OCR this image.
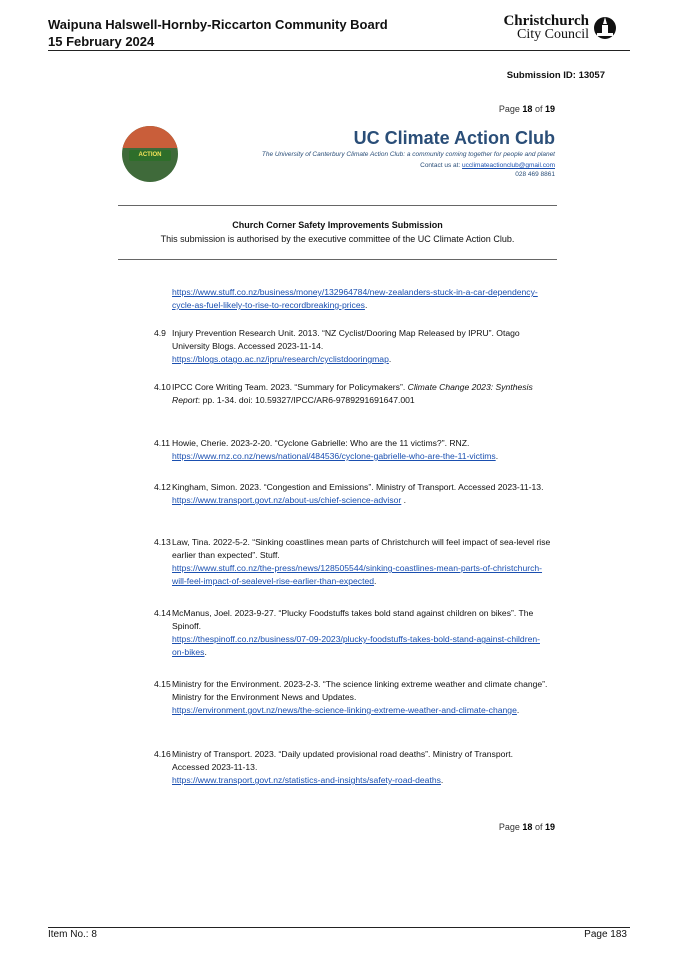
Waipuna Halswell-Hornby-Riccarton Community Board
15 February 2024
Christchurch
City Council
Submission ID: 13057
Page 18 of 19
ACTION
UC Climate Action Club
The University of Canterbury Climate Action Club: a community coming together for people and planet
Contact us at: ucclimateactionclub@gmail.com
028 469 8861
Church Corner Safety Improvements Submission
This submission is authorised by the executive committee of the UC Climate Action Club.
https://www.stuff.co.nz/business/money/132964784/new-zealanders-stuck-in-a-car-dependency-cycle-as-fuel-likely-to-rise-to-recordbreaking-prices.
4.9 Injury Prevention Research Unit. 2013. “NZ Cyclist/Dooring Map Released by IPRU”. Otago University Blogs. Accessed 2023-11-14.
https://blogs.otago.ac.nz/ipru/research/cyclistdooringmap.
4.10 IPCC Core Writing Team. 2023. “Summary for Policymakers”. Climate Change 2023: Synthesis Report: pp. 1-34. doi: 10.59327/IPCC/AR6-9789291691647.001
4.11 Howie, Cherie. 2023-2-20. “Cyclone Gabrielle: Who are the 11 victims?”. RNZ.
https://www.rnz.co.nz/news/national/484536/cyclone-gabrielle-who-are-the-11-victims.
4.12 Kingham, Simon. 2023. “Congestion and Emissions”. Ministry of Transport. Accessed 2023-11-13.
https://www.transport.govt.nz/about-us/chief-science-advisor .
4.13 Law, Tina. 2022-5-2. “Sinking coastlines mean parts of Christchurch will feel impact of sea-level rise earlier than expected”. Stuff.
https://www.stuff.co.nz/the-press/news/128505544/sinking-coastlines-mean-parts-of-christchurch-will-feel-impact-of-sealevel-rise-earlier-than-expected.
4.14 McManus, Joel. 2023-9-27. “Plucky Foodstuffs takes bold stand against children on bikes”. The Spinoff.
https://thespinoff.co.nz/business/07-09-2023/plucky-foodstuffs-takes-bold-stand-against-children-on-bikes.
4.15 Ministry for the Environment. 2023-2-3. “The science linking extreme weather and climate change”. Ministry for the Environment News and Updates.
https://environment.govt.nz/news/the-science-linking-extreme-weather-and-climate-change.
4.16 Ministry of Transport. 2023. “Daily updated provisional road deaths”. Ministry of Transport. Accessed 2023-11-13.
https://www.transport.govt.nz/statistics-and-insights/safety-road-deaths.
Page 18 of 19
Item No.: 8	Page 183
